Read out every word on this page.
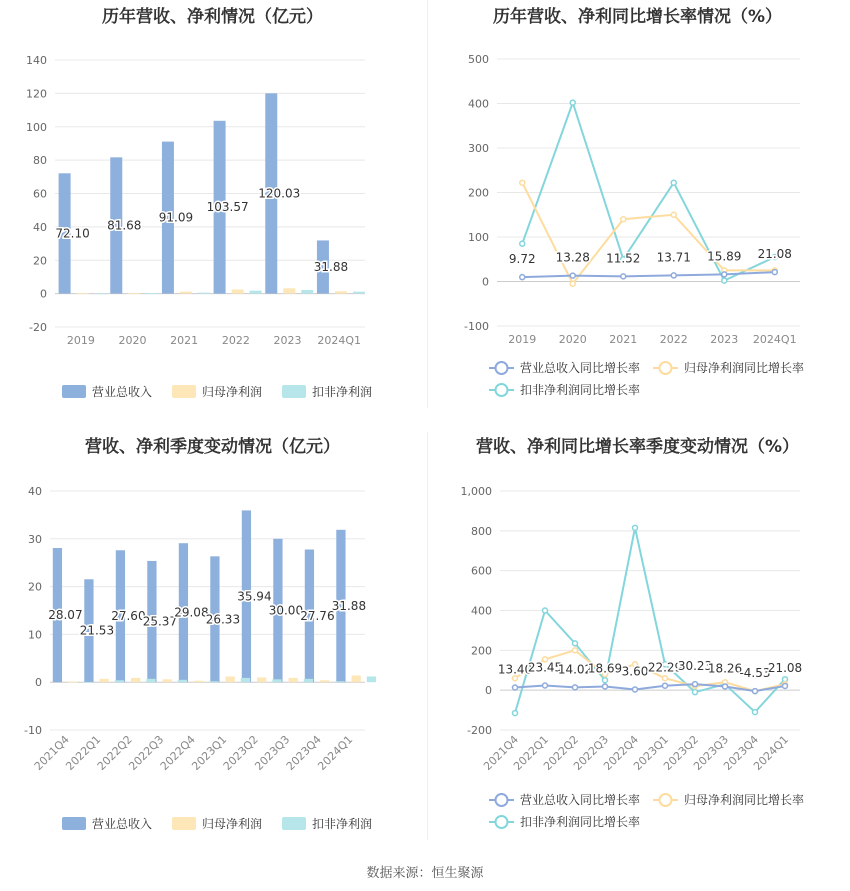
历年营收、净利情况（亿元）
-20
0
20
40
60
80
100
120
140
2019 2020 2021 2022 2023 2024Q1
72.10
81.68
91.09
103.57
120.03
31.88
营业总收入	归母净利润	扣非净利润
历年营收、净利同比增长率情况（%）
-100
0
100
200
300
400
500
2019 2020 2021 2022 2023 2024Q1
9.72 13.28 11.52 13.71 15.89 21.08
营业总收入同比增长率	归母净利润同比增长率
扣非净利润同比增长率
营收、净利季度变动情况（亿元）
-10
0
10
20
30
40
2021Q4
2022Q1
2022Q2
2022Q3
2022Q4
2023Q1
2023Q2
2023Q3
2023Q4
2024Q1
28.07
21.53
27.60
25.37
29.08
26.33
35.94
30.00
27.76
31.88
营业总收入	归母净利润	扣非净利润
营收、净利同比增长率季度变动情况（%）
-200
0
200
400
600
800
1,000
2021Q4
2022Q1
2022Q2
2022Q3
2022Q4
2023Q1
2023Q2
2023Q3
2023Q4
2024Q1
13.40
23.45
14.02
18.69 3.60 22.29
30.23
18.26
-4.53
21.08
营业总收入同比增长率	归母净利润同比增长率
扣非净利润同比增长率
数据来源：恒生聚源
